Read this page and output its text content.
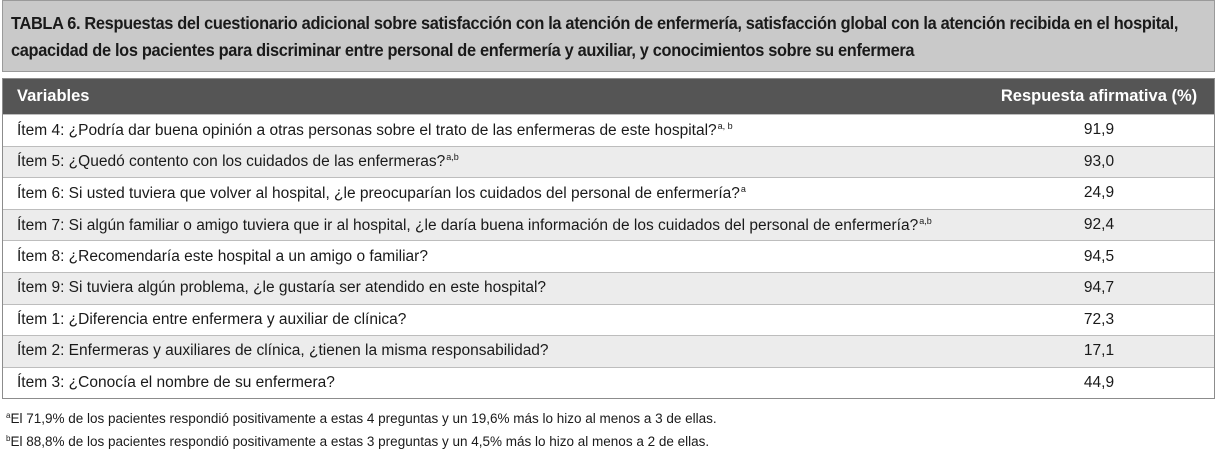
TABLA 6. Respuestas del cuestionario adicional sobre satisfacción con la atención de enfermería, satisfacción global con la atención recibida en el hospital, capacidad de los pacientes para discriminar entre personal de enfermería y auxiliar, y conocimientos sobre su enfermera
Variables	Respuesta afirmativa (%)
Ítem 4: ¿Podría dar buena opinión a otras personas sobre el trato de las enfermeras de este hospital?$^{a, b}$	91,9
Ítem 5: ¿Quedó contento con los cuidados de las enfermeras?$^{a,b}$	93,0
Ítem 6: Si usted tuviera que volver al hospital, ¿le preocuparían los cuidados del personal de enfermería?$^a$	24,9
Ítem 7: Si algún familiar o amigo tuviera que ir al hospital, ¿le daría buena información de los cuidados del personal de enfermería?$^{a,b}$	92,4
Ítem 8: ¿Recomendaría este hospital a un amigo o familiar?	94,5
Ítem 9: Si tuviera algún problema, ¿le gustaría ser atendido en este hospital?	94,7
Ítem 1: ¿Diferencia entre enfermera y auxiliar de clínica?	72,3
Ítem 2: Enfermeras y auxiliares de clínica, ¿tienen la misma responsabilidad?	17,1
Ítem 3: ¿Conocía el nombre de su enfermera?	44,9
$^a$El 71,9% de los pacientes respondió positivamente a estas 4 preguntas y un 19,6% más lo hizo al menos a 3 de ellas.
$^b$El 88,8% de los pacientes respondió positivamente a estas 3 preguntas y un 4,5% más lo hizo al menos a 2 de ellas.
